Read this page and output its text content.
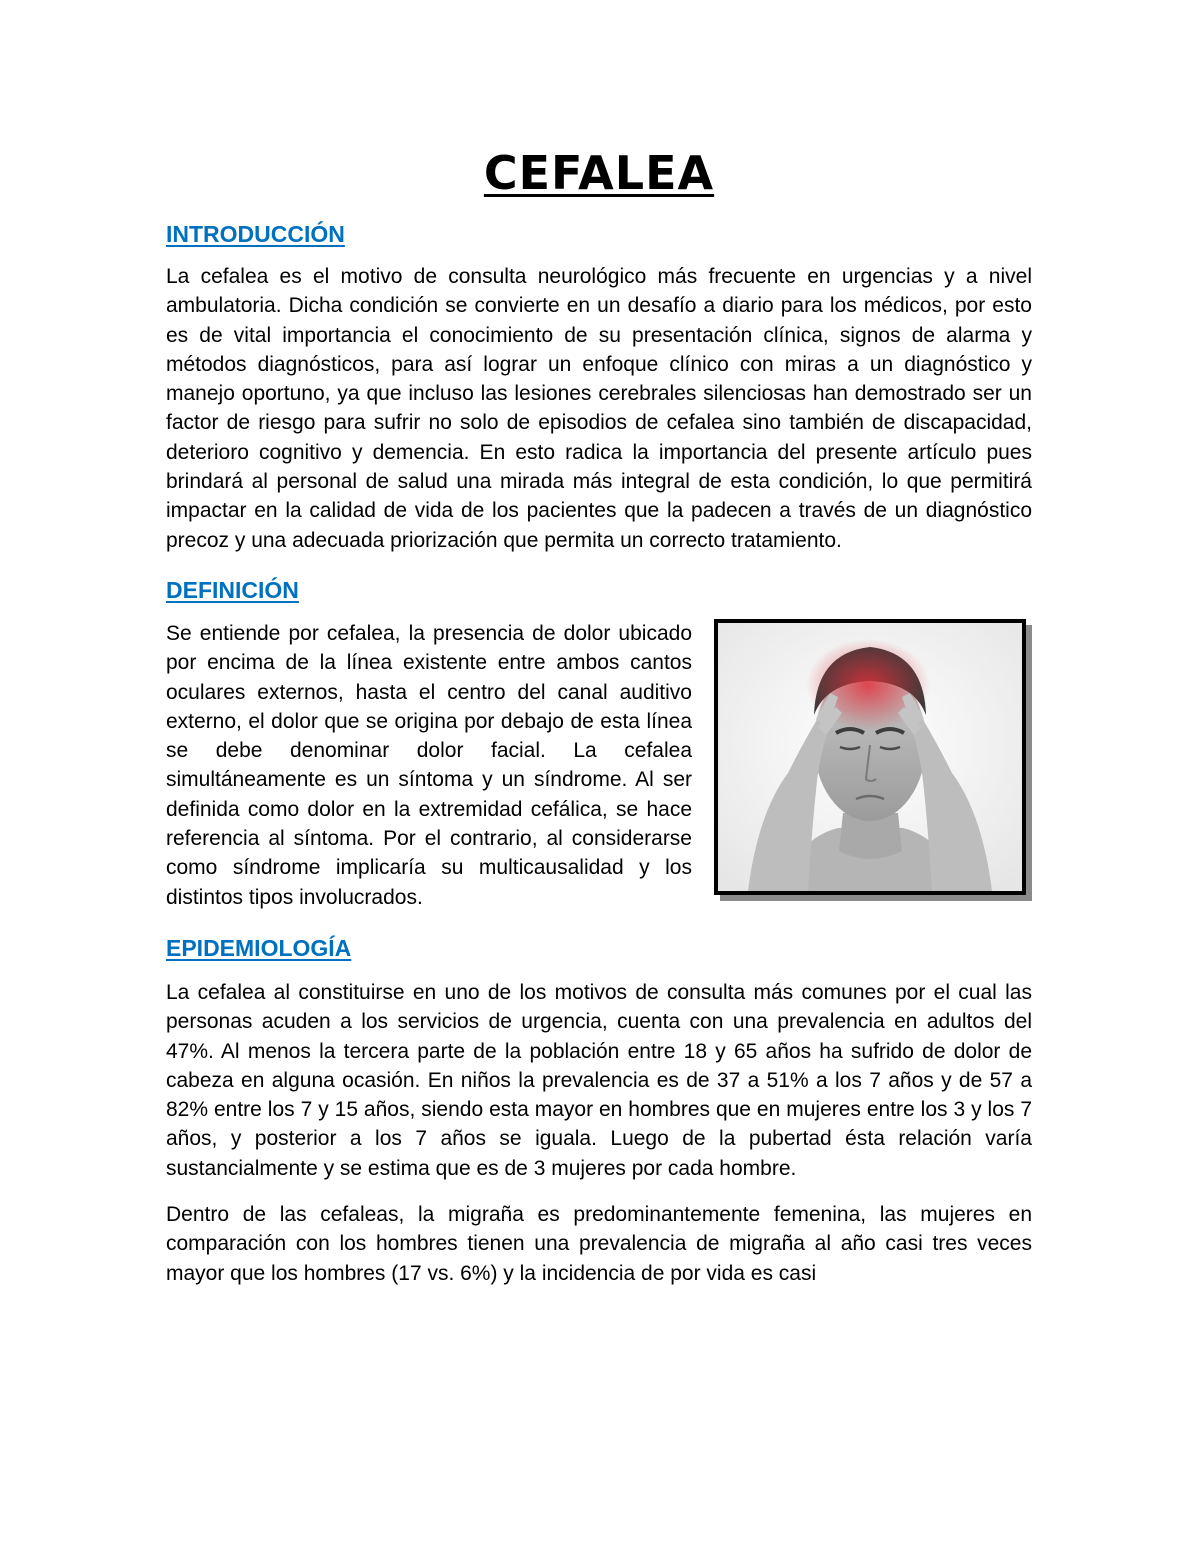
CEFALEA
INTRODUCCIÓN

La cefalea es el motivo de consulta neurológico más frecuente en urgencias y a nivel ambulatoria. Dicha condición se convierte en un desafío a diario para los médicos, por esto es de vital importancia el conocimiento de su presentación clínica, signos de alarma y métodos diagnósticos, para así lograr un enfoque clínico con miras a un diagnóstico y manejo oportuno, ya que incluso las lesiones cerebrales silenciosas han demostrado ser un factor de riesgo para sufrir no solo de episodios de cefalea sino también de discapacidad, deterioro cognitivo y demencia. En esto radica la importancia del presente artículo pues brindará al personal de salud una mirada más integral de esta condición, lo que permitirá impactar en la calidad de vida de los pacientes que la padecen a través de un diagnóstico precoz y una adecuada priorización que permita un correcto tratamiento.

DEFINICIÓN

Se entiende por cefalea, la presencia de dolor ubicado por encima de la línea existente entre ambos cantos oculares externos, hasta el centro del canal auditivo externo, el dolor que se origina por debajo de esta línea se debe denominar dolor facial. La cefalea simultáneamente es un síntoma y un síndrome. Al ser definida como dolor en la extremidad cefálica, se hace referencia al síntoma. Por el contrario, al considerarse como síndrome implicaría su multicausalidad y los distintos tipos involucrados.

EPIDEMIOLOGÍA

La cefalea al constituirse en uno de los motivos de consulta más comunes por el cual las personas acuden a los servicios de urgencia, cuenta con una prevalencia en adultos del 47%. Al menos la tercera parte de la población entre 18 y 65 años ha sufrido de dolor de cabeza en alguna ocasión. En niños la prevalencia es de 37 a 51% a los 7 años y de 57 a 82% entre los 7 y 15 años, siendo esta mayor en hombres que en mujeres entre los 3 y los 7 años, y posterior a los 7 años se iguala. Luego de la pubertad ésta relación varía sustancialmente y se estima que es de 3 mujeres por cada hombre.

Dentro de las cefaleas, la migraña es predominantemente femenina, las mujeres en comparación con los hombres tienen una prevalencia de migraña al año casi tres veces mayor que los hombres (17 vs. 6%) y la incidencia de por vida es casi
